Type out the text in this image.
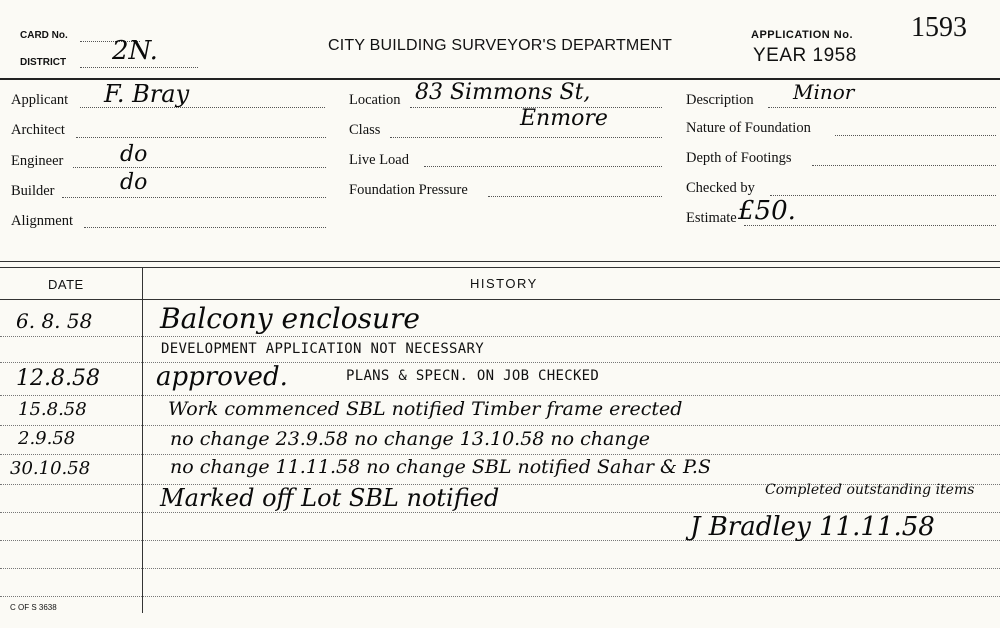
CARD No.
DISTRICT 2N.	CITY BUILDING SURVEYOR'S DEPARTMENT
APPLICATION No. 1593
YEAR 1958
Applicant F. Bray
Architect
Engineer	do
Builder	do
Alignment
Location 83 Simmons St,
Class	Enmore
Live Load
Foundation Pressure
Description Minor
Nature of Foundation
Depth of Footings
Checked by
Estimate £50.
DATE	HISTORY
6. 8. 58 Balcony enclosure
DEVELOPMENT APPLICATION NOT NECESSARY
12.8.58 approved.	PLANS & SPECN. ON JOB CHECKED
15.8.58	Work commenced SBL notified Timber frame erected
2.9.58	no change 23.9.58 no change 13.10.58 no change
30.10.58	no change 11.11.58 no change SBL notified Sahar & P.S
Marked off Lot SBL notified	Completed outstanding items
J Bradley 11.11.58
C OF S 3638
